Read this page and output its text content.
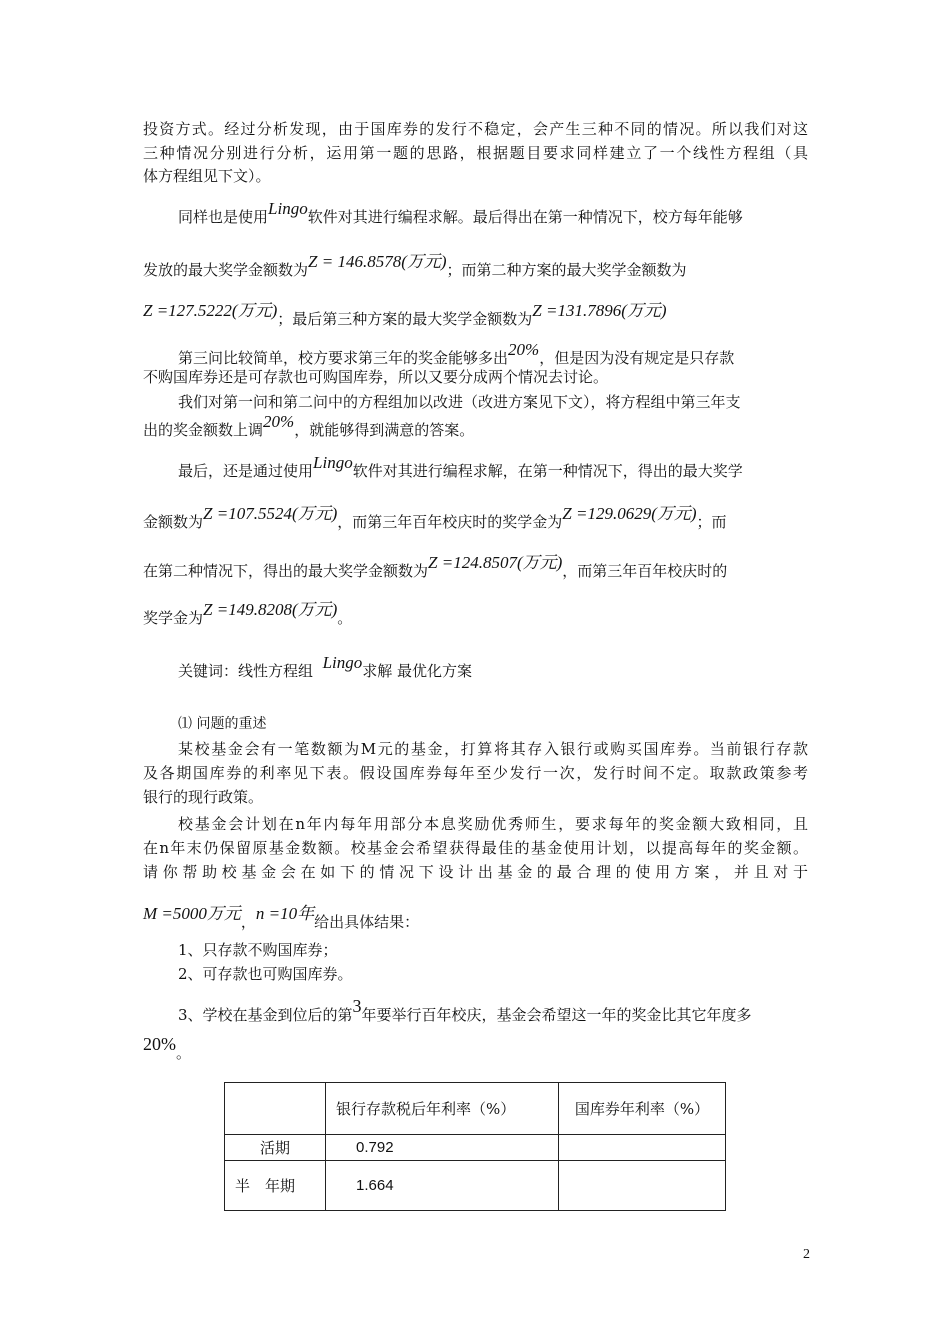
投资方式。经过分析发现，由于国库券的发行不稳定，会产生三种不同的情况。所以我们对这
三种情况分别进行分析，运用第一题的思路，根据题目要求同样建立了一个线性方程组（具
体方程组见下文）。
同样也是使用Lingo软件对其进行编程求解。最后得出在第一种情况下，校方每年能够
发放的最大奖学金额数为Z = 146.8578(万元)；而第二种方案的最大奖学金额数为
Z =127.5222(万元)；最后第三种方案的最大奖学金额数为Z =131.7896(万元)
第三问比较简单，校方要求第三年的奖金能够多出20%，但是因为没有规定是只存款
不购国库券还是可存款也可购国库券，所以又要分成两个情况去讨论。
我们对第一问和第二问中的方程组加以改进（改进方案见下文），将方程组中第三年支
出的奖金额数上调20%，就能够得到满意的答案。
最后，还是通过使用Lingo软件对其进行编程求解，在第一种情况下，得出的最大奖学
金额数为Z =107.5524(万元)，而第三年百年校庆时的奖学金为Z =129.0629(万元)；而
在第二种情况下，得出的最大奖学金额数为Z =124.8507(万元)，而第三年百年校庆时的
奖学金为Z =149.8208(万元)。
关键词：线性方程组 Lingo求解 最优化方案
⑴ 问题的重述
某校基金会有一笔数额为M元的基金，打算将其存入银行或购买国库券。当前银行存款
及各期国库券的利率见下表。假设国库券每年至少发行一次，发行时间不定。取款政策参考
银行的现行政策。
校基金会计划在n年内每年用部分本息奖励优秀师生，要求每年的奖金额大致相同，且
在n年末仍保留原基金数额。校基金会希望获得最佳的基金使用计划，以提高每年的奖金额。
请你帮助校基金会在如下的情况下设计出基金的最合理的使用方案，并且对于
M =5000万元，n =10年给出具体结果：
1、只存款不购国库券；
2、可存款也可购国库券。
3、学校在基金到位后的第3年要举行百年校庆，基金会希望这一年的奖金比其它年度多
20%。
	银行存款税后年利率（%）	国库券年利率（%）
活期	0.792	
半　年期	1.664	
2
